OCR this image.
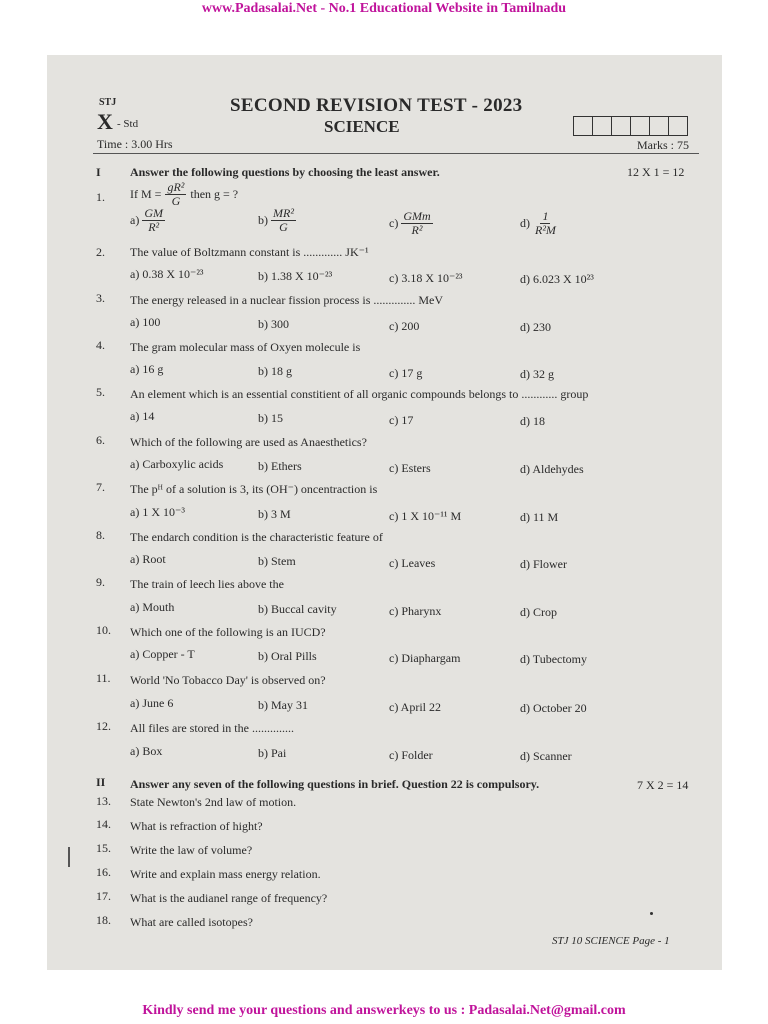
www.Padasalai.Net - No.1 Educational Website in Tamilnadu
STJ
X - Std
SECOND REVISION TEST - 2023
SCIENCE
Time : 3.00 Hrs	Marks : 75
I Answer the following questions by choosing the least answer.	12 X 1 = 12
1. If $M = \frac{\text{gR²}}{G}$ then g = ?
$a) \frac{GM}{\text{R²}}$	$b) \frac{\text{MR²}}{G}$	$c) \frac{\text{GMm}}{\text{R²}}$	$d) \frac{1}{\text{R²M}}$
2. The value of Boltzmann constant is ............. JK⁻¹
a) 0.38 X 10⁻²³	b) 1.38 X 10⁻²³	c) 3.18 X 10⁻²³	d) 6.023 X 10²³
3. The energy released in a nuclear fission process is .............. MeV
a) 100	b) 300	c) 200	d) 230
4. The gram molecular mass of Oxyen molecule is
a) 16 g	b) 18 g	c) 17 g	d) 32 g
5. An element which is an essential constitient of all organic compounds belongs to ............ group
a) 14	b) 15	c) 17	d) 18
6. Which of the following are used as Anaesthetics?
a) Carboxylic acids	b) Ethers	c) Esters	d) Aldehydes
7. The pᴴ of a solution is 3, its (OH⁻) oncentraction is
a) 1 X 10⁻³	b) 3 M	c) 1 X 10⁻¹¹ M	d) 11 M
8. The endarch condition is the characteristic feature of
a) Root	b) Stem	c) Leaves	d) Flower
9. The train of leech lies above the
a) Mouth	b) Buccal cavity	c) Pharynx	d) Crop
10. Which one of the following is an IUCD?
a) Copper - T	b) Oral Pills	c) Diaphargam	d) Tubectomy
11. World 'No Tobacco Day' is observed on?
a) June 6	b) May 31	c) April 22	d) October 20
12. All files are stored in the ..............
a) Box	b) Pai	c) Folder	d) Scanner
II Answer any seven of the following questions in brief. Question 22 is compulsory.	7 X 2 = 14
13. State Newton's 2nd law of motion.
14. What is refraction of hight?
15. Write the law of volume?
16. Write and explain mass energy relation.
17. What is the audianel range of frequency?
18. What are called isotopes?
STJ 10 SCIENCE Page - 1
Kindly send me your questions and answerkeys to us : Padasalai.Net@gmail.com
